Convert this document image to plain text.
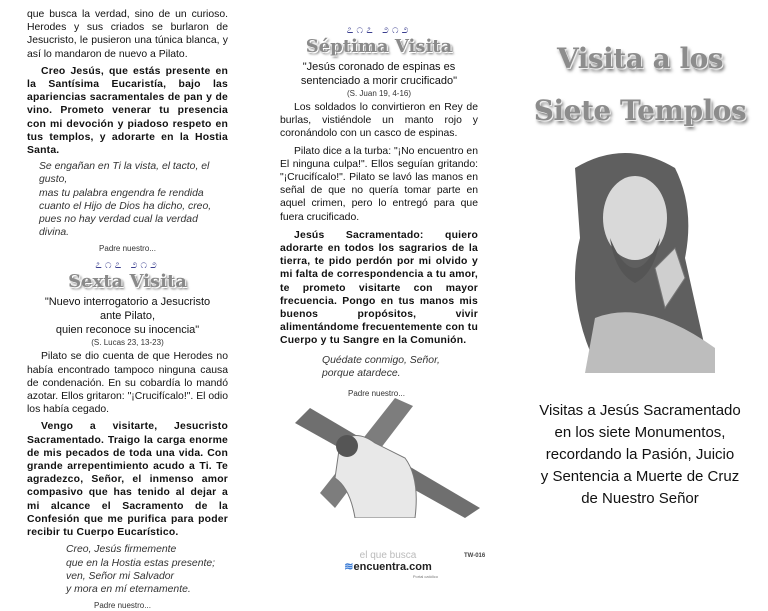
que busca la verdad, sino de un curioso. Herodes y sus criados se burlaron de Jesucristo, le pusieron una túnica blanca, y así lo mandaron de nuevo a Pilato.

Creo Jesús, que estás presente en la Santísima Eucaristía, bajo las apariencias sacramentales de pan y de vino. Prometo venerar tu presencia con mi devoción y piadoso respeto en tus templos, y adorarte en la Hostia Santa.

Se engañan en Ti la vista, el tacto, el gusto,
mas tu palabra engendra fe rendida
cuanto el Hijo de Dios ha dicho, creo,
pues no hay verdad cual la verdad divina.
Padre nuestro...
೭೧೭ ೨೧೨
Sexta Visita
"Nuevo interrogatorio a Jesucristo
ante Pilato,
quien reconoce su inocencia"
(S. Lucas 23, 13-23)

Pilato se dio cuenta de que Herodes no había encontrado tampoco ninguna causa de condenación. En su cobardía lo mandó azotar. Ellos gritaron: "¡Crucifícalo!". El odio los había cegado.

Vengo a visitarte, Jesucristo Sacramentado. Traigo la carga enorme de mis pecados de toda una vida. Con grande arrepentimiento acudo a Ti. Te agradezco, Señor, el inmenso amor compasivo que has tenido al dejar a mi alcance el Sacramento de la Confesión que me purifica para poder recibir tu Cuerpo Eucarístico.

Creo, Jesús firmemente
que en la Hostia estas presente;
ven, Señor mi Salvador
y mora en mí eternamente.
Padre nuestro...
೭೧೭ ೨೧೨
Séptima Visita
"Jesús coronado de espinas es
sentenciado a morir crucificado"
(S. Juan 19, 4-16)

Los soldados lo convirtieron en Rey de burlas, vistiéndole un manto rojo y coronándolo con un casco de espinas.

Pilato dice a la turba: "¡No encuentro en El ninguna culpa!". Ellos seguían gritando: "¡Crucifícalo!". Pilato se lavó las manos en señal de que no quería tomar parte en aquel crimen, pero lo entregó para que fuera crucificado.

Jesús Sacramentado: quiero adorarte en todos los sagrarios de la tierra, te pido perdón por mi olvido y mi falta de correspondencia a tu amor, te prometo visitarte con mayor frecuencia. Pongo en tus manos mis buenos propósitos, vivir alimentándome frecuentemente con tu Cuerpo y tu Sangre en la Comunión.

Quédate conmigo, Señor,
porque atardece.
Padre nuestro...
el que busca
≋encuentra.com
Portal católico
TW-016
Visita a los
Siete Templos
Visitas a Jesús Sacramentado
en los siete Monumentos,
recordando la Pasión, Juicio
y Sentencia a Muerte de Cruz
de Nuestro Señor
